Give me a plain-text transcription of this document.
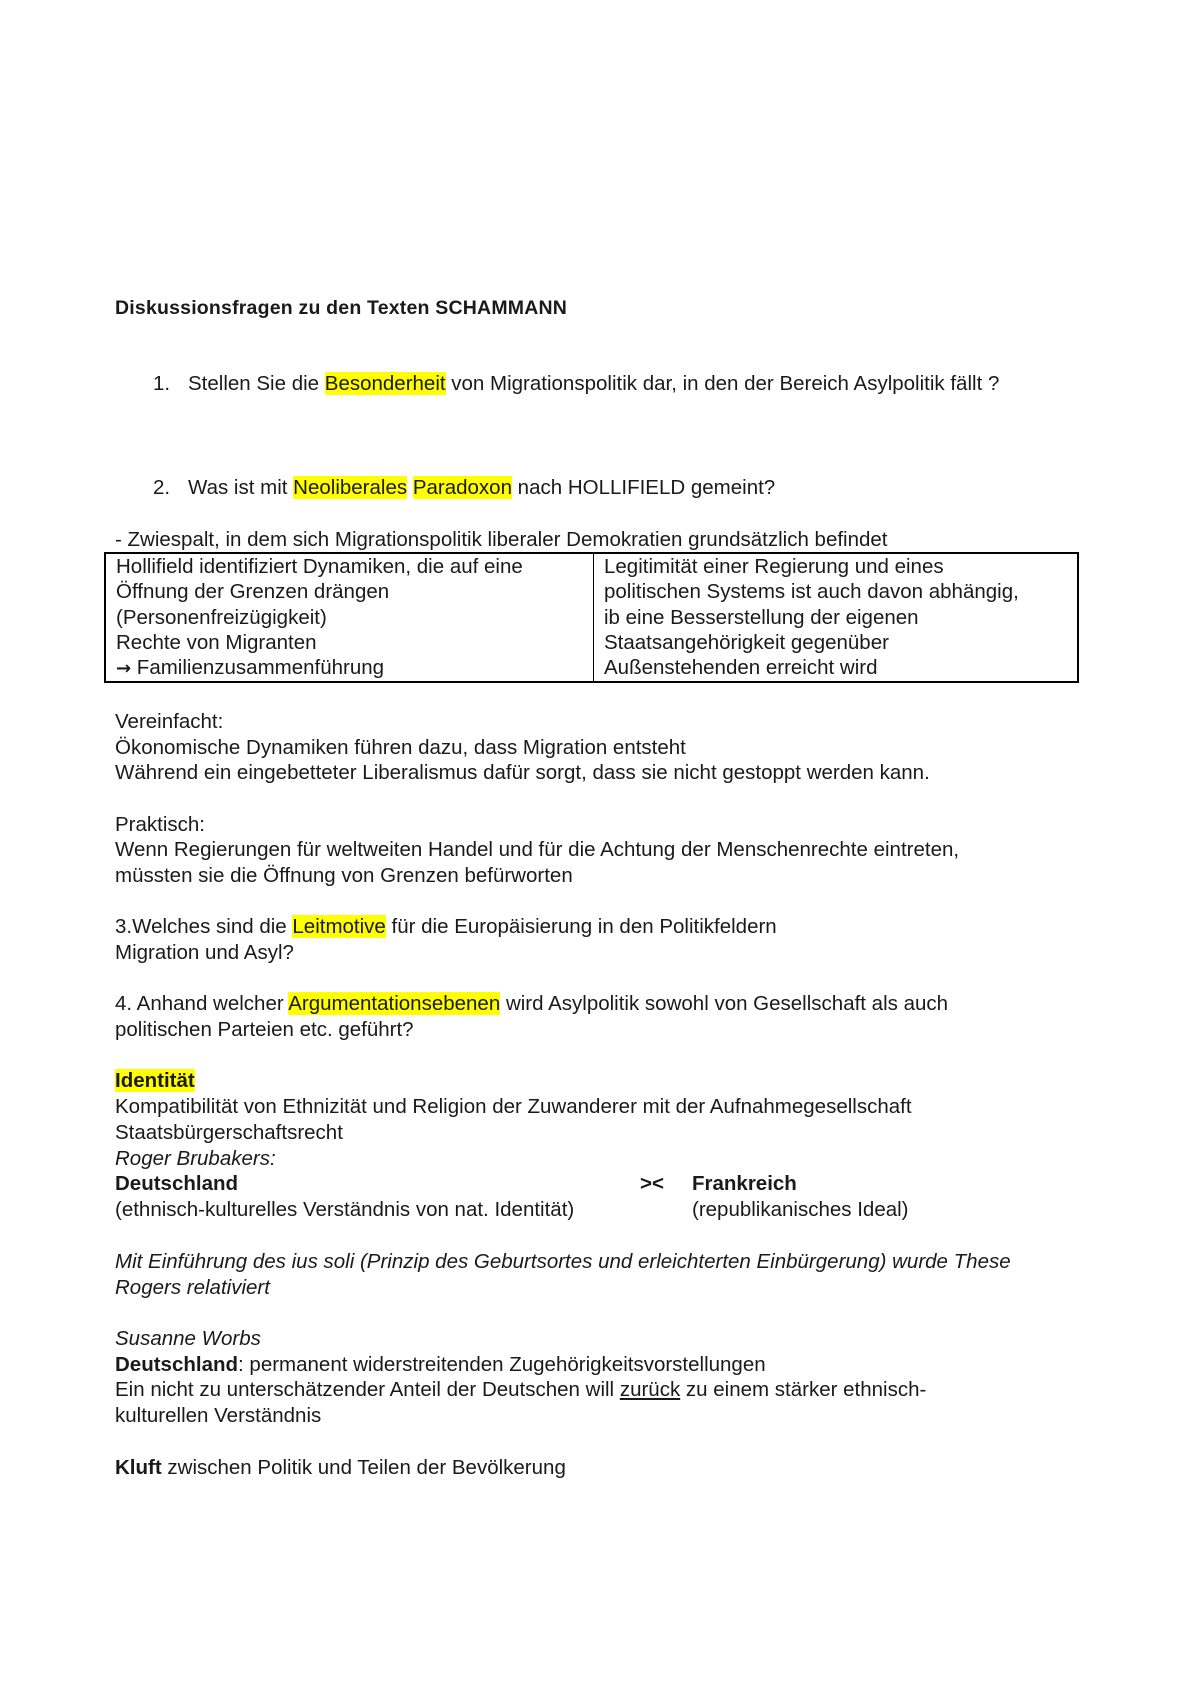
Diskussionsfragen zu den Texten SCHAMMANN
1. Stellen Sie die Besonderheit von Migrationspolitik dar, in den der Bereich Asylpolitik fällt ?
2. Was ist mit Neoliberales Paradoxon nach HOLLIFIELD gemeint?
- Zwiespalt, in dem sich Migrationspolitik liberaler Demokratien grundsätzlich befindet
Hollifield identifiziert Dynamiken, die auf eine
Öffnung der Grenzen drängen
(Personenfreizügigkeit)
Rechte von Migranten
→ Familienzusammenführung

Legitimität einer Regierung und eines
politischen Systems ist auch davon abhängig,
ib eine Besserstellung der eigenen
Staatsangehörigkeit gegenüber
Außenstehenden erreicht wird
Vereinfacht:
Ökonomische Dynamiken führen dazu, dass Migration entsteht
Während ein eingebetteter Liberalismus dafür sorgt, dass sie nicht gestoppt werden kann.
Praktisch:
Wenn Regierungen für weltweiten Handel und für die Achtung der Menschenrechte eintreten,
müssten sie die Öffnung von Grenzen befürworten
3.Welches sind die Leitmotive für die Europäisierung in den Politikfeldern
Migration und Asyl?
4. Anhand welcher Argumentationsebenen wird Asylpolitik sowohl von Gesellschaft als auch
politischen Parteien etc. geführt?
Identität
Kompatibilität von Ethnizität und Religion der Zuwanderer mit der Aufnahmegesellschaft
Staatsbürgerschaftsrecht
Roger Brubakers:
Deutschland	>< Frankreich
(ethnisch-kulturelles Verständnis von nat. Identität)	(republikanisches Ideal)
Mit Einführung des ius soli (Prinzip des Geburtsortes und erleichterten Einbürgerung) wurde These
Rogers relativiert
Susanne Worbs
Deutschland: permanent widerstreitenden Zugehörigkeitsvorstellungen
Ein nicht zu unterschätzender Anteil der Deutschen will zurück zu einem stärker ethnisch-
kulturellen Verständnis
Kluft zwischen Politik und Teilen der Bevölkerung
